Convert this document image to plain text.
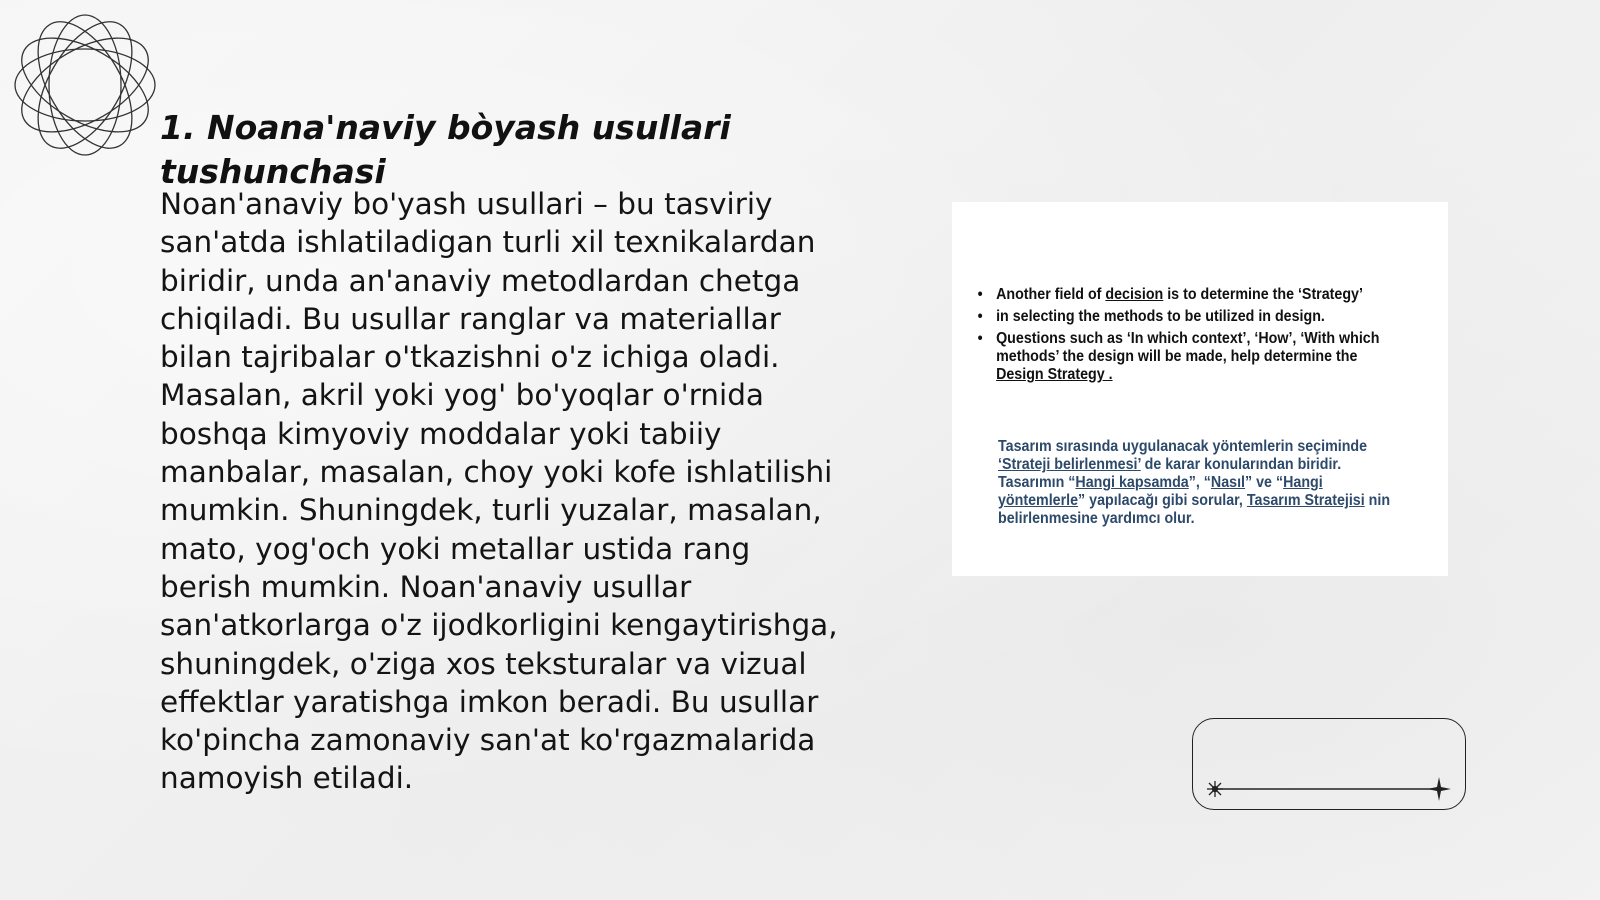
1. Noana'naviy bòyash usullari tushunchasi

Noan'anaviy bo'yash usullari – bu tasviriy san'atda ishlatiladigan turli xil texnikalardan biridir, unda an'anaviy metodlardan chetga chiqiladi. Bu usullar ranglar va materiallar bilan tajribalar o'tkazishni o'z ichiga oladi. Masalan, akril yoki yog' bo'yoqlar o'rnida boshqa kimyoviy moddalar yoki tabiiy manbalar, masalan, choy yoki kofe ishlatilishi mumkin. Shuningdek, turli yuzalar, masalan, mato, yog'och yoki metallar ustida rang berish mumkin. Noan'anaviy usullar san'atkorlarga o'z ijodkorligini kengaytirishga, shuningdek, o'ziga xos teksturalar va vizual effektlar yaratishga imkon beradi. Bu usullar ko'pincha zamonaviy san'at ko'rgazmalarida namoyish etiladi.

• Another field of decision is to determine the ‘Strategy’
• in selecting the methods to be utilized in design.
• Questions such as ‘In which context’, ‘How’, ‘With which methods’ the design will be made, help determine the Design Strategy .

Tasarım sırasında uygulanacak yöntemlerin seçiminde ‘Strateji belirlenmesi’ de karar konularından biridir. Tasarımın “Hangi kapsamda”, “Nasıl” ve “Hangi yöntemlerle” yapılacağı gibi sorular, Tasarım Stratejisi nin belirlenmesine yardımcı olur.
